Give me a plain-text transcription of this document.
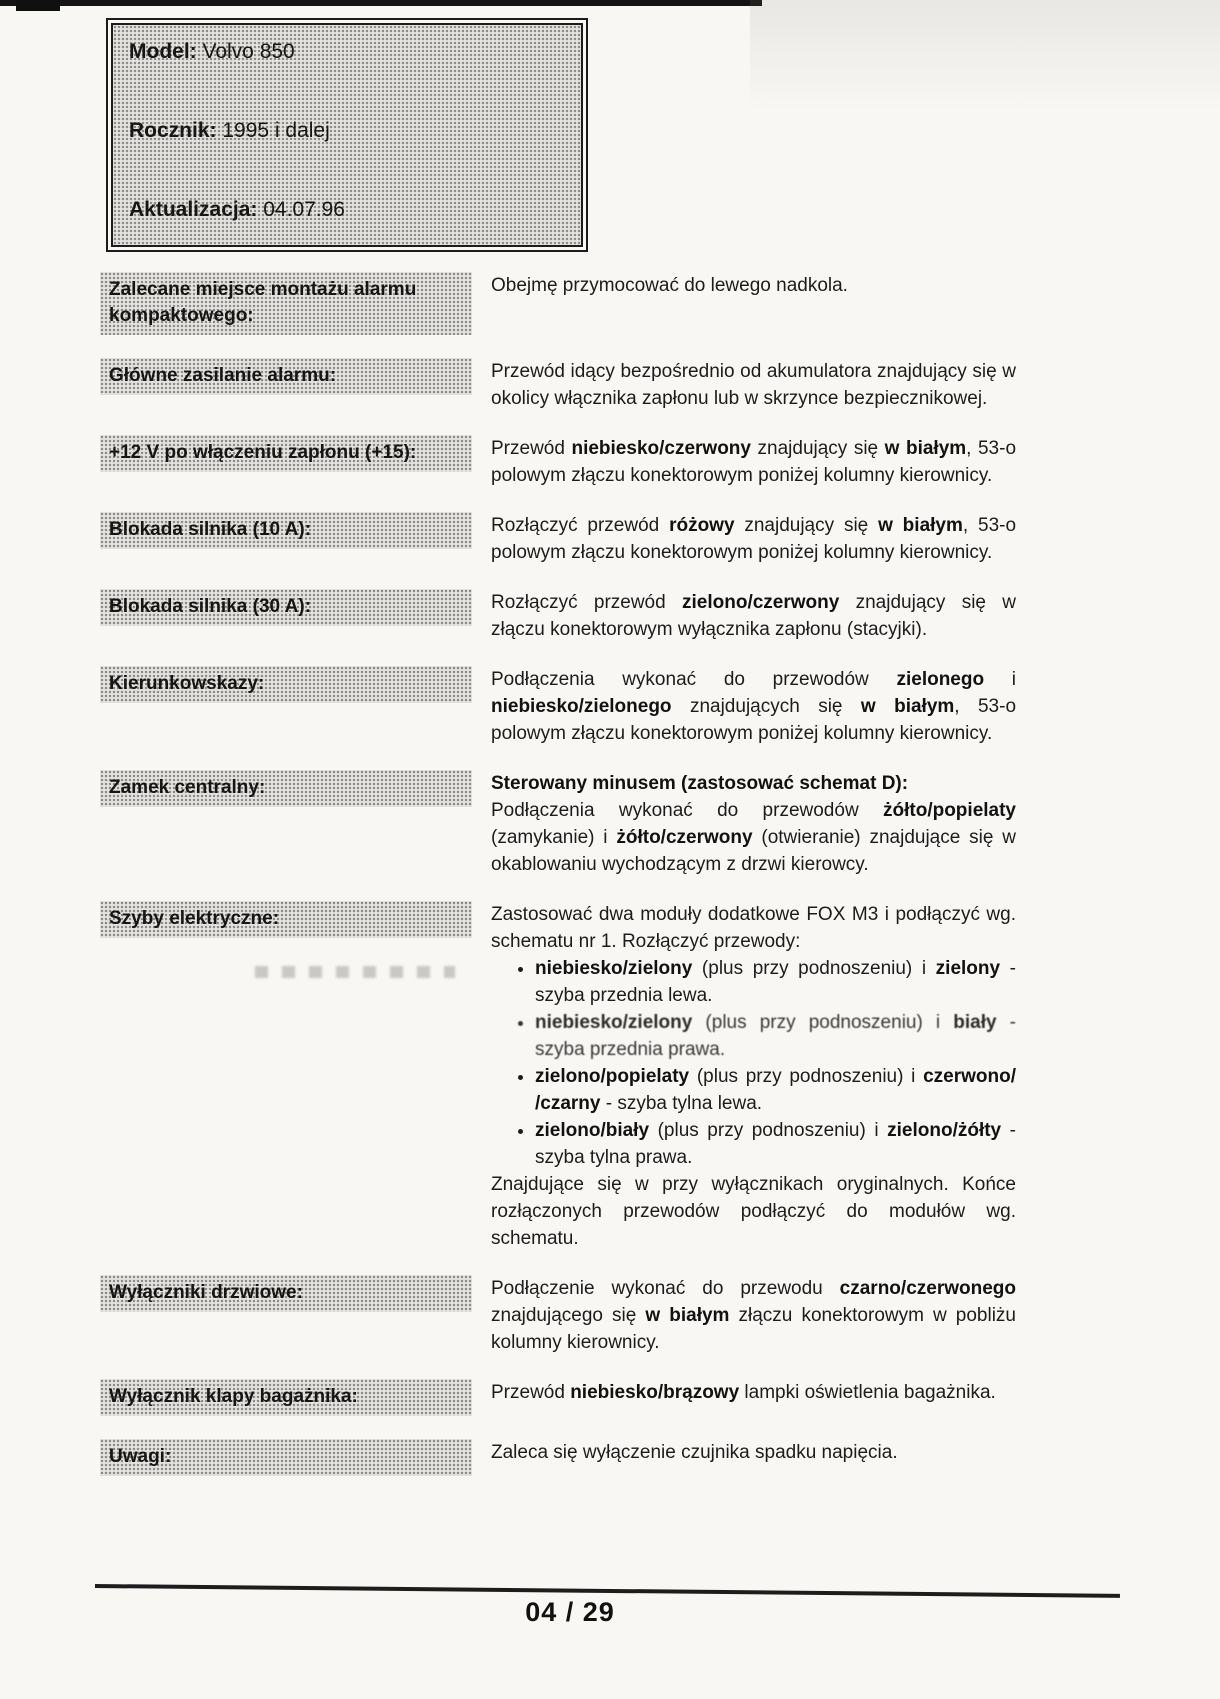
Model: Volvo 850

Rocznik: 1995 i dalej

Aktualizacja: 04.07.96

Zalecane miejsce montażu alarmu kompaktowego:

Obejmę przymocować do lewego nadkola.

Główne zasilanie alarmu:	Przewód idący bezpośrednio od akumulatora znajdujący się w okolicy włącznika zapłonu lub w skrzynce bezpiecznikowej.

+12 V po włączeniu zapłonu (+15):	Przewód niebiesko/czerwony znajdujący się w białym, 53-o polowym złączu konektorowym poniżej kolumny kierownicy.

Blokada silnika (10 A):	Rozłączyć przewód różowy znajdujący się w białym, 53-o polowym złączu konektorowym poniżej kolumny kierownicy.

Blokada silnika (30 A):	Rozłączyć przewód zielono/czerwony znajdujący się w złączu konektorowym wyłącznika zapłonu (stacyjki).

Kierunkowskazy:	Podłączenia wykonać do przewodów zielonego i niebiesko/zielonego znajdujących się w białym, 53-o polowym złączu konektorowym poniżej kolumny kierownicy.

Zamek centralny:	Sterowany minusem (zastosować schemat D):

Podłączenia wykonać do przewodów żółto/popielaty (zamykanie) i żółto/czerwony (otwieranie) znajdujące się w okablowaniu wychodzącym z drzwi kierowcy.

Szyby elektryczne:	Zastosować dwa moduły dodatkowe FOX M3 i podłączyć wg. schematu nr 1. Rozłączyć przewody:

• niebiesko/zielony (plus przy podnoszeniu) i zielony - szyba przednia lewa.
• niebiesko/zielony (plus przy podnoszeniu) i biały - szyba przednia prawa.
• zielono/popielaty (plus przy podnoszeniu) i czerwono/ /czarny - szyba tylna lewa.
• zielono/biały (plus przy podnoszeniu) i zielono/żółty - szyba tylna prawa.

Znajdujące się w przy wyłącznikach oryginalnych. Końce rozłączonych przewodów podłączyć do modułów wg. schematu.

Wyłączniki drzwiowe:	Podłączenie wykonać do przewodu czarno/czerwonego znajdującego się w białym złączu konektorowym w pobliżu kolumny kierownicy.

Wyłącznik klapy bagażnika:	Przewód niebiesko/brązowy lampki oświetlenia bagażnika.

Uwagi:	Zaleca się wyłączenie czujnika spadku napięcia.

04 / 29
